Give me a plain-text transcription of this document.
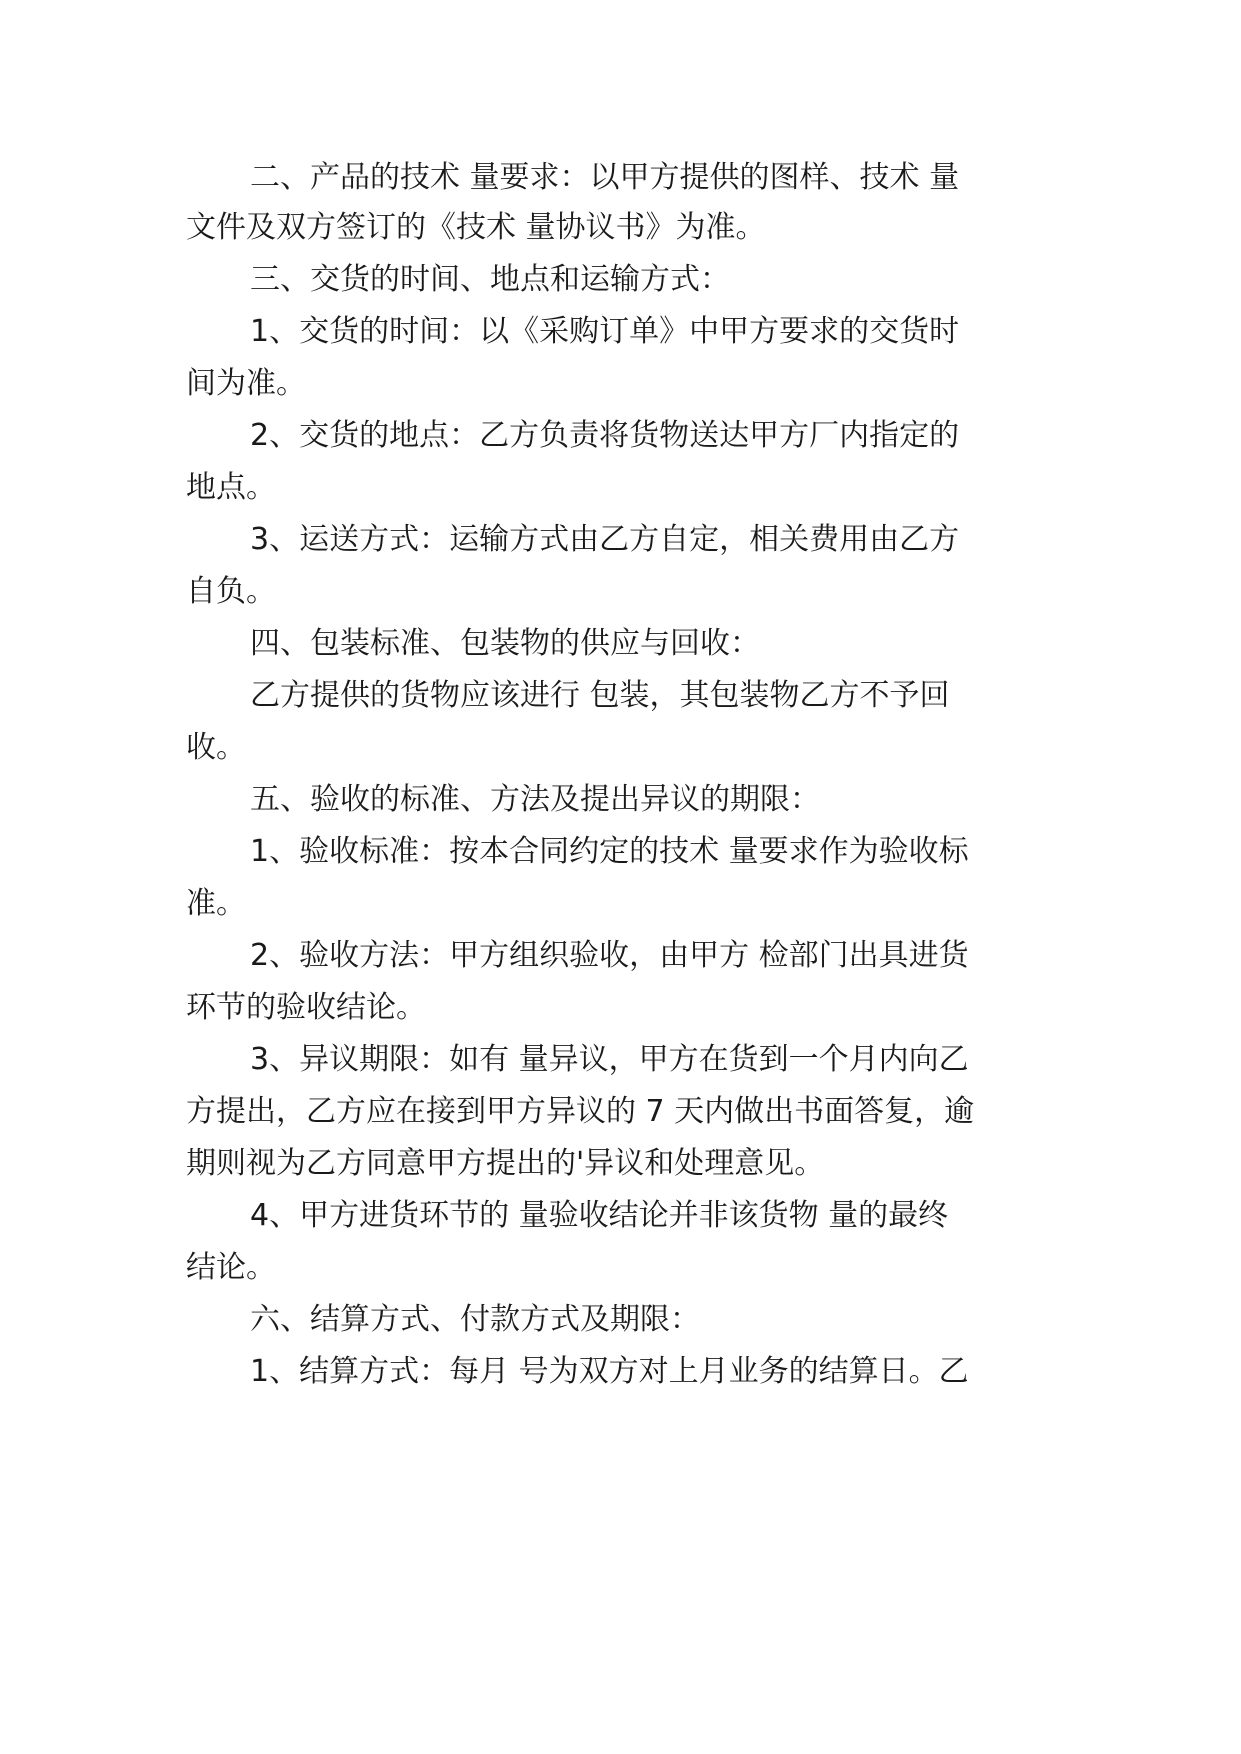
二、产品的技术 量要求：以甲方提供的图样、技术 量
文件及双方签订的《技术 量协议书》为准。
三、交货的时间、地点和运输方式：
1、交货的时间：以《采购订单》中甲方要求的交货时
间为准。
2、交货的地点：乙方负责将货物送达甲方厂内指定的
地点。
3、运送方式：运输方式由乙方自定，相关费用由乙方
自负。
四、包装标准、包装物的供应与回收：
乙方提供的货物应该进行 包装，其包装物乙方不予回
收。
五、验收的标准、方法及提出异议的期限：
1、验收标准：按本合同约定的技术 量要求作为验收标
准。
2、验收方法：甲方组织验收，由甲方 检部门出具进货
环节的验收结论。
3、异议期限：如有 量异议，甲方在货到一个月内向乙
方提出，乙方应在接到甲方异议的 7 天内做出书面答复，逾
期则视为乙方同意甲方提出的'异议和处理意见。
4、甲方进货环节的 量验收结论并非该货物 量的最终
结论。
六、结算方式、付款方式及期限：
1、结算方式：每月 号为双方对上月业务的结算日。乙
